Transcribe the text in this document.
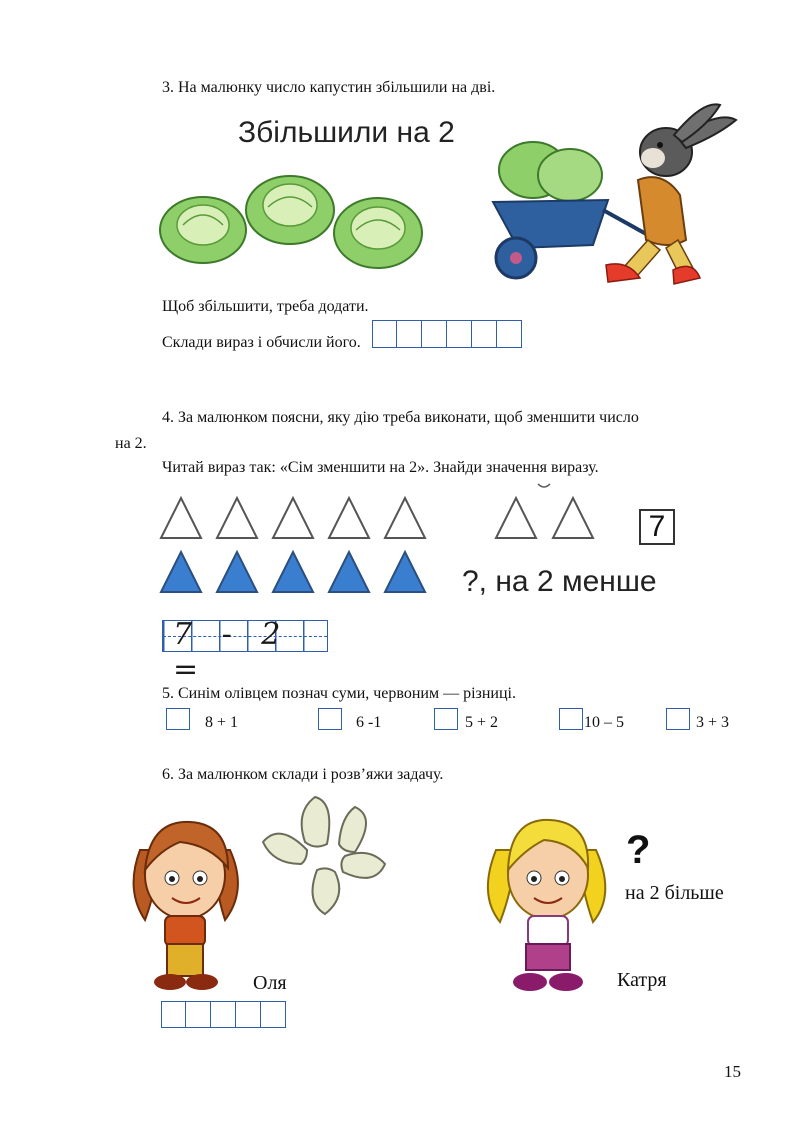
3. На малюнку число капустин збільшили на дві.
Збільшили на 2
Щоб збільшити, треба додати.
Склади вираз і обчисли його.
4. За малюнком поясни, яку дію треба виконати, щоб зменшити число
на 2.
Читай вираз так: «Сім зменшити на 2». Знайди значення виразу.
7
?, на 2 менше
7 - 2 =
5. Синім олівцем познач суми, червоним — різниці.
8 + 1	6 -1	5 + 2	10 – 5	3 + 3
6. За малюнком склади і розв’яжи задачу.
?
на 2 більше
Оля	Катря
15
